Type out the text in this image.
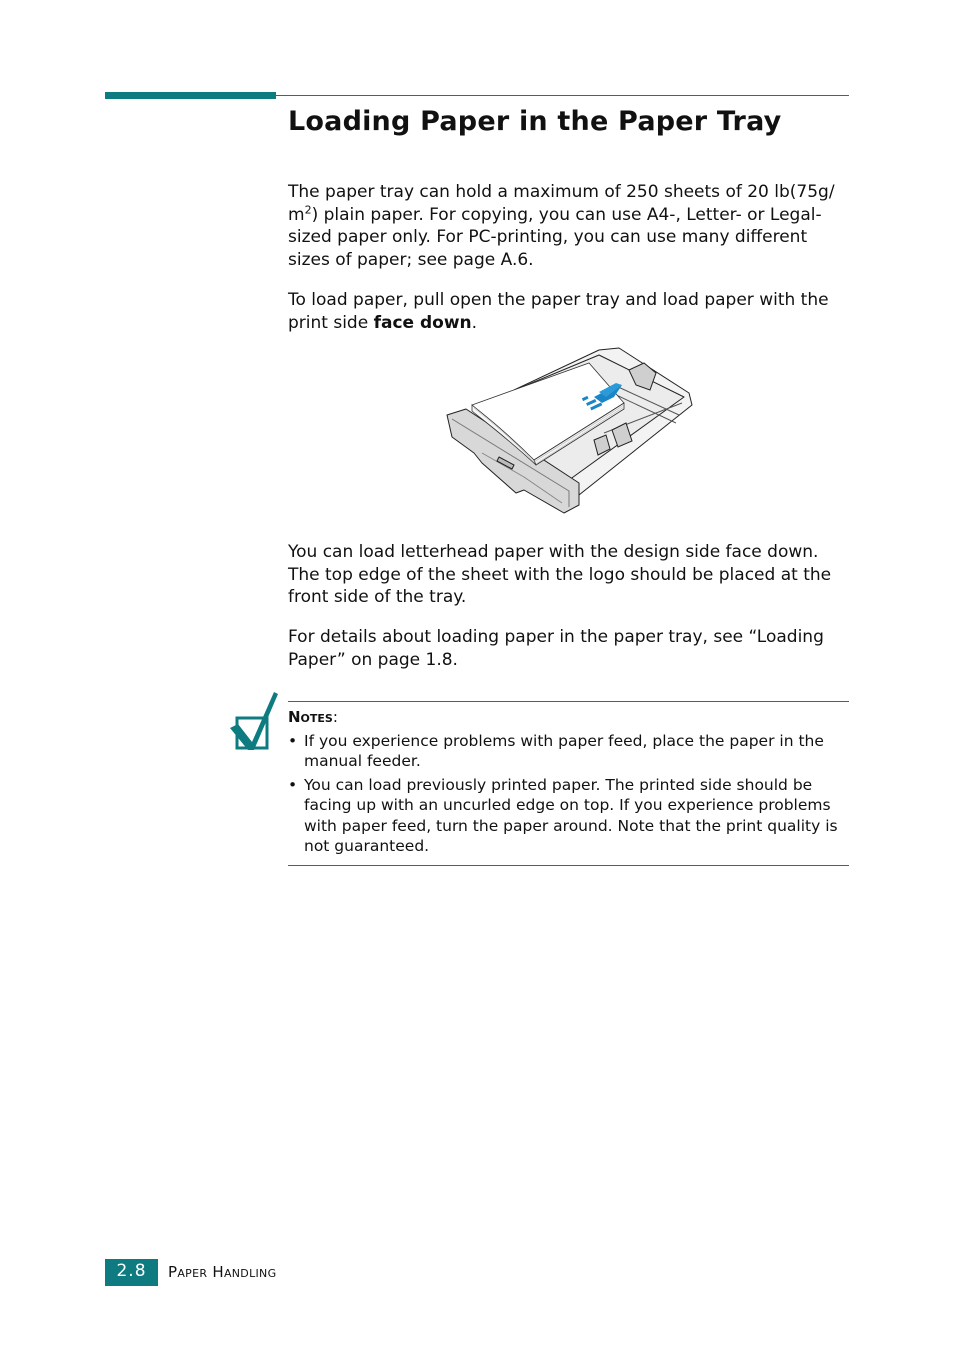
Loading Paper in the Paper Tray

The paper tray can hold a maximum of 250 sheets of 20 lb(75g/ $m^2$) plain paper. For copying, you can use A4-, Letter- or Legal-sized paper only. For PC-printing, you can use many different sizes of paper; see page A.6.

To load paper, pull open the paper tray and load paper with the print side face down.

You can load letterhead paper with the design side face down. The top edge of the sheet with the logo should be placed at the front side of the tray.

For details about loading paper in the paper tray, see “Loading Paper” on page 1.8.

Notes:

• If you experience problems with paper feed, place the paper in the manual feeder.
• You can load previously printed paper. The printed side should be facing up with an uncurled edge on top. If you experience problems with paper feed, turn the paper around. Note that the print quality is not guaranteed.
2.8	Paper Handling
